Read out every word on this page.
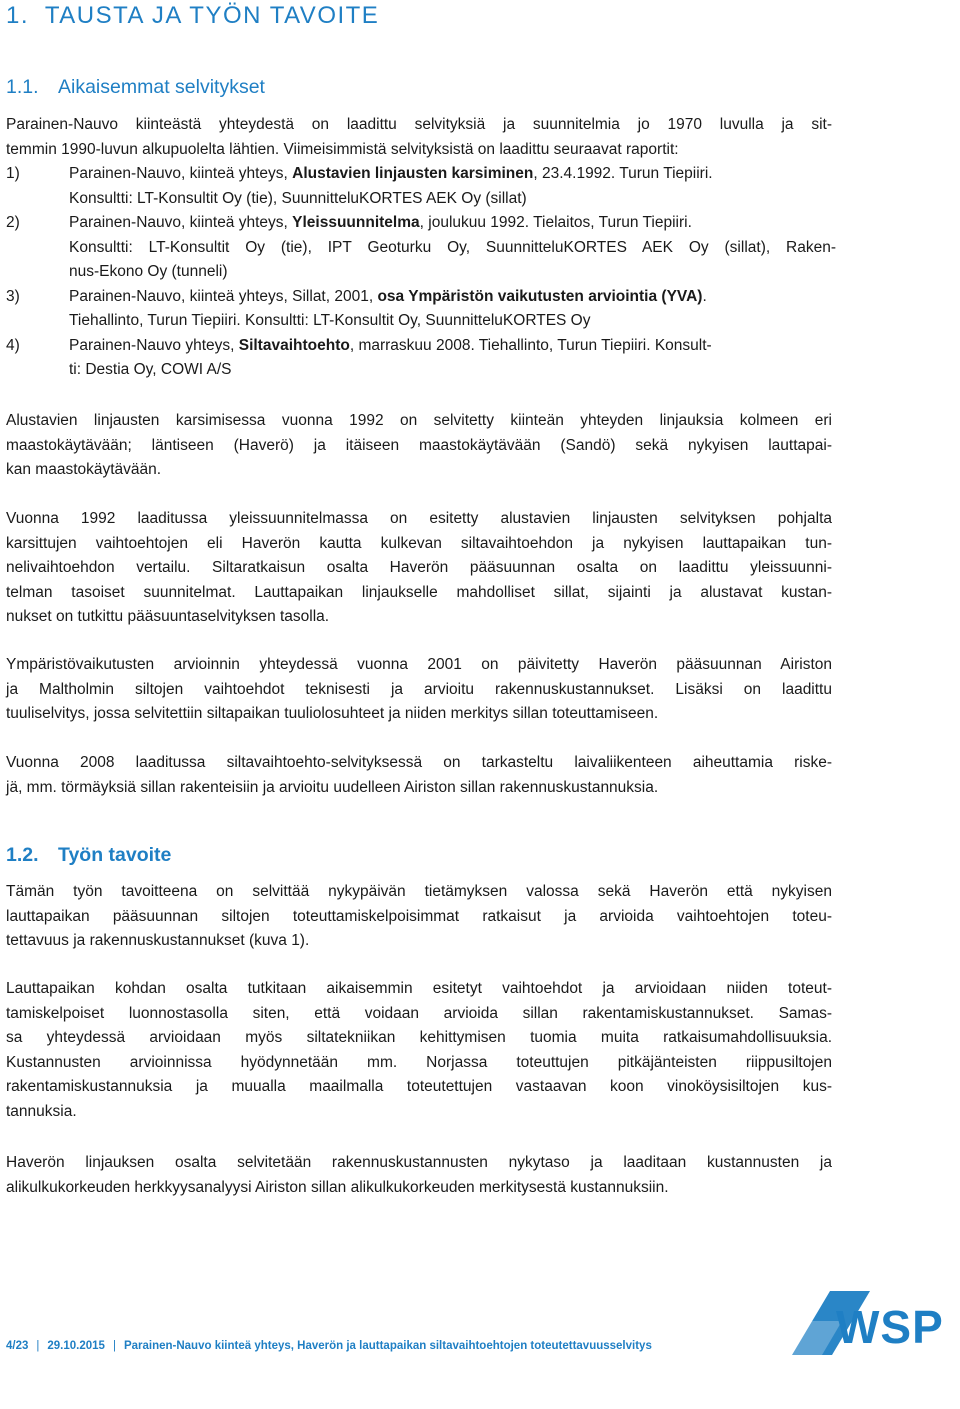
1. TAUSTA JA TYÖN TAVOITE
1.1. Aikaisemmat selvitykset

Parainen-Nauvo kiinteästä yhteydestä on laadittu selvityksiä ja suunnitelmia jo 1970 luvulla ja sit-
temmin 1990-luvun alkupuolelta lähtien. Viimeisimmistä selvityksistä on laadittu seuraavat raportit:

1)	Parainen-Nauvo, kiinteä yhteys, Alustavien linjausten karsiminen, 23.4.1992. Turun Tiepiiri.
Konsultti: LT-Konsultit Oy (tie), SuunnitteluKORTES AEK Oy (sillat)
2)	Parainen-Nauvo, kiinteä yhteys, Yleissuunnitelma, joulukuu 1992. Tielaitos, Turun Tiepiiri.
Konsultti: LT-Konsultit Oy (tie), IPT Geoturku Oy, SuunnitteluKORTES AEK Oy (sillat), Raken-
nus-Ekono Oy (tunneli)
3)	Parainen-Nauvo, kiinteä yhteys, Sillat, 2001, osa Ympäristön vaikutusten arviointia (YVA).
Tiehallinto, Turun Tiepiiri. Konsultti: LT-Konsultit Oy, SuunnitteluKORTES Oy
4)	Parainen-Nauvo yhteys, Siltavaihtoehto, marraskuu 2008. Tiehallinto, Turun Tiepiiri. Konsult-
ti: Destia Oy, COWI A/S

Alustavien linjausten karsimisessa vuonna 1992 on selvitetty kiinteän yhteyden linjauksia kolmeen eri
maastokäytävään; läntiseen (Haverö) ja itäiseen maastokäytävään (Sandö) sekä nykyisen lauttapai-
kan maastokäytävään.

Vuonna 1992 laaditussa yleissuunnitelmassa on esitetty alustavien linjausten selvityksen pohjalta
karsittujen vaihtoehtojen eli Haverön kautta kulkevan siltavaihtoehdon ja nykyisen lauttapaikan tun-
nelivaihtoehdon vertailu. Siltaratkaisun osalta Haverön pääsuunnan osalta on laadittu yleissuunni-
telman tasoiset suunnitelmat. Lauttapaikan linjaukselle mahdolliset sillat, sijainti ja alustavat kustan-
nukset on tutkittu pääsuuntaselvityksen tasolla.

Ympäristövaikutusten arvioinnin yhteydessä vuonna 2001 on päivitetty Haverön pääsuunnan Airiston
ja Maltholmin siltojen vaihtoehdot teknisesti ja arvioitu rakennuskustannukset. Lisäksi on laadittu
tuuliselvitys, jossa selvitettiin siltapaikan tuuliolosuhteet ja niiden merkitys sillan toteuttamiseen.

Vuonna 2008 laaditussa siltavaihtoehto-selvityksessä on tarkasteltu laivaliikenteen aiheuttamia riske-
jä, mm. törmäyksiä sillan rakenteisiin ja arvioitu uudelleen Airiston sillan rakennuskustannuksia.

1.2. Työn tavoite

Tämän työn tavoitteena on selvittää nykypäivän tietämyksen valossa sekä Haverön että nykyisen
lauttapaikan pääsuunnan siltojen toteuttamiskelpoisimmat ratkaisut ja arvioida vaihtoehtojen toteu-
tettavuus ja rakennuskustannukset (kuva 1).

Lauttapaikan kohdan osalta tutkitaan aikaisemmin esitetyt vaihtoehdot ja arvioidaan niiden toteut-
tamiskelpoiset luonnostasolla siten, että voidaan arvioida sillan rakentamiskustannukset. Samas-
sa yhteydessä arvioidaan myös siltatekniikan kehittymisen tuomia muita ratkaisumahdollisuuksia.
Kustannusten arvioinnissa hyödynnetään mm. Norjassa toteuttujen pitkäjänteisten riippusiltojen
rakentamiskustannuksia ja muualla maailmalla toteutettujen vastaavan koon vinoköysisiltojen kus-
tannuksia.

Haverön linjauksen osalta selvitetään rakennuskustannusten nykytaso ja laaditaan kustannusten ja
alikulkukorkeuden herkkyysanalyysi Airiston sillan alikulkukorkeuden merkitysestä kustannuksiin.

WSP
4/23 | 29.10.2015 | Parainen-Nauvo kiinteä yhteys, Haverön ja lauttapaikan siltavaihtoehtojen toteutettavuusselvitys
